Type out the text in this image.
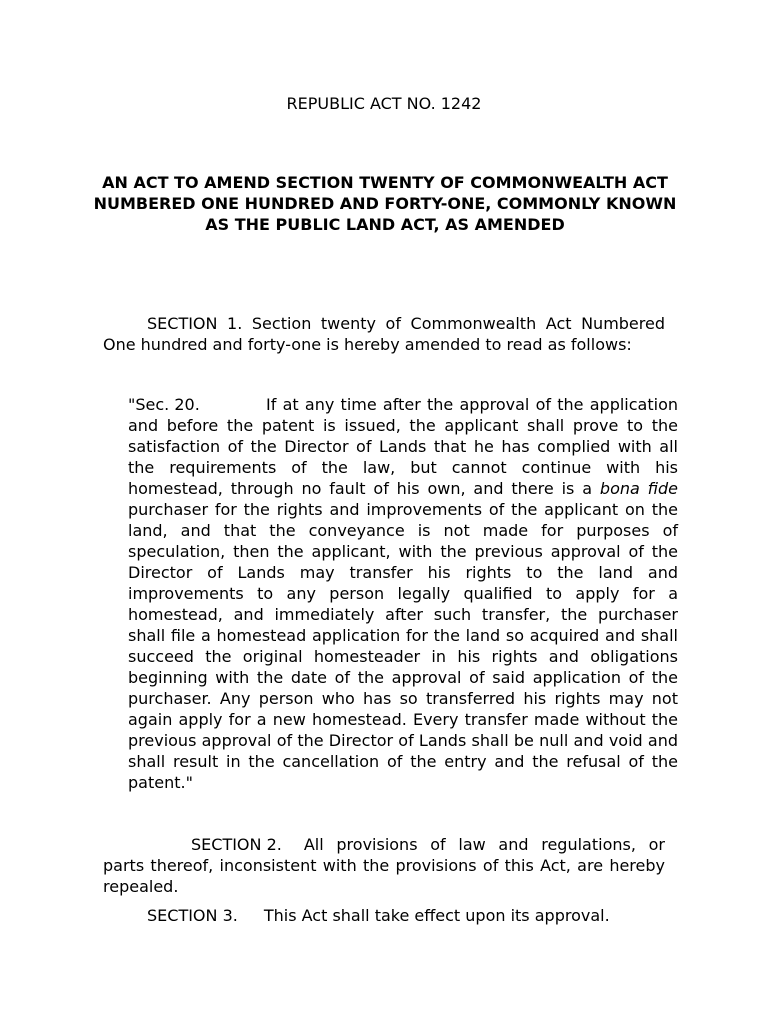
REPUBLIC ACT NO. 1242
AN ACT TO AMEND SECTION TWENTY OF COMMONWEALTH ACT NUMBERED ONE HUNDRED AND FORTY-ONE, COMMONLY KNOWN AS THE PUBLIC LAND ACT, AS AMENDED

SECTION 1. Section twenty of Commonwealth Act Numbered One hundred and forty-one is hereby amended to read as follows:

"Sec. 20.	If at any time after the approval of the application and before the patent is issued, the applicant shall prove to the satisfaction of the Director of Lands that he has complied with all the requirements of the law, but cannot continue with his homestead, through no fault of his own, and there is a bona fide purchaser for the rights and improvements of the applicant on the land, and that the conveyance is not made for purposes of speculation, then the applicant, with the previous approval of the Director of Lands may transfer his rights to the land and improvements to any person legally qualified to apply for a homestead, and immediately after such transfer, the purchaser shall file a homestead application for the land so acquired and shall succeed the original homesteader in his rights and obligations beginning with the date of the approval of said application of the purchaser. Any person who has so transferred his rights may not again apply for a new homestead. Every transfer made without the previous approval of the Director of Lands shall be null and void and shall result in the cancellation of the entry and the refusal of the patent."

SECTION 2. All provisions of law and regulations, or parts thereof, inconsistent with the provisions of this Act, are hereby repealed.

SECTION 3. This Act shall take effect upon its approval.
